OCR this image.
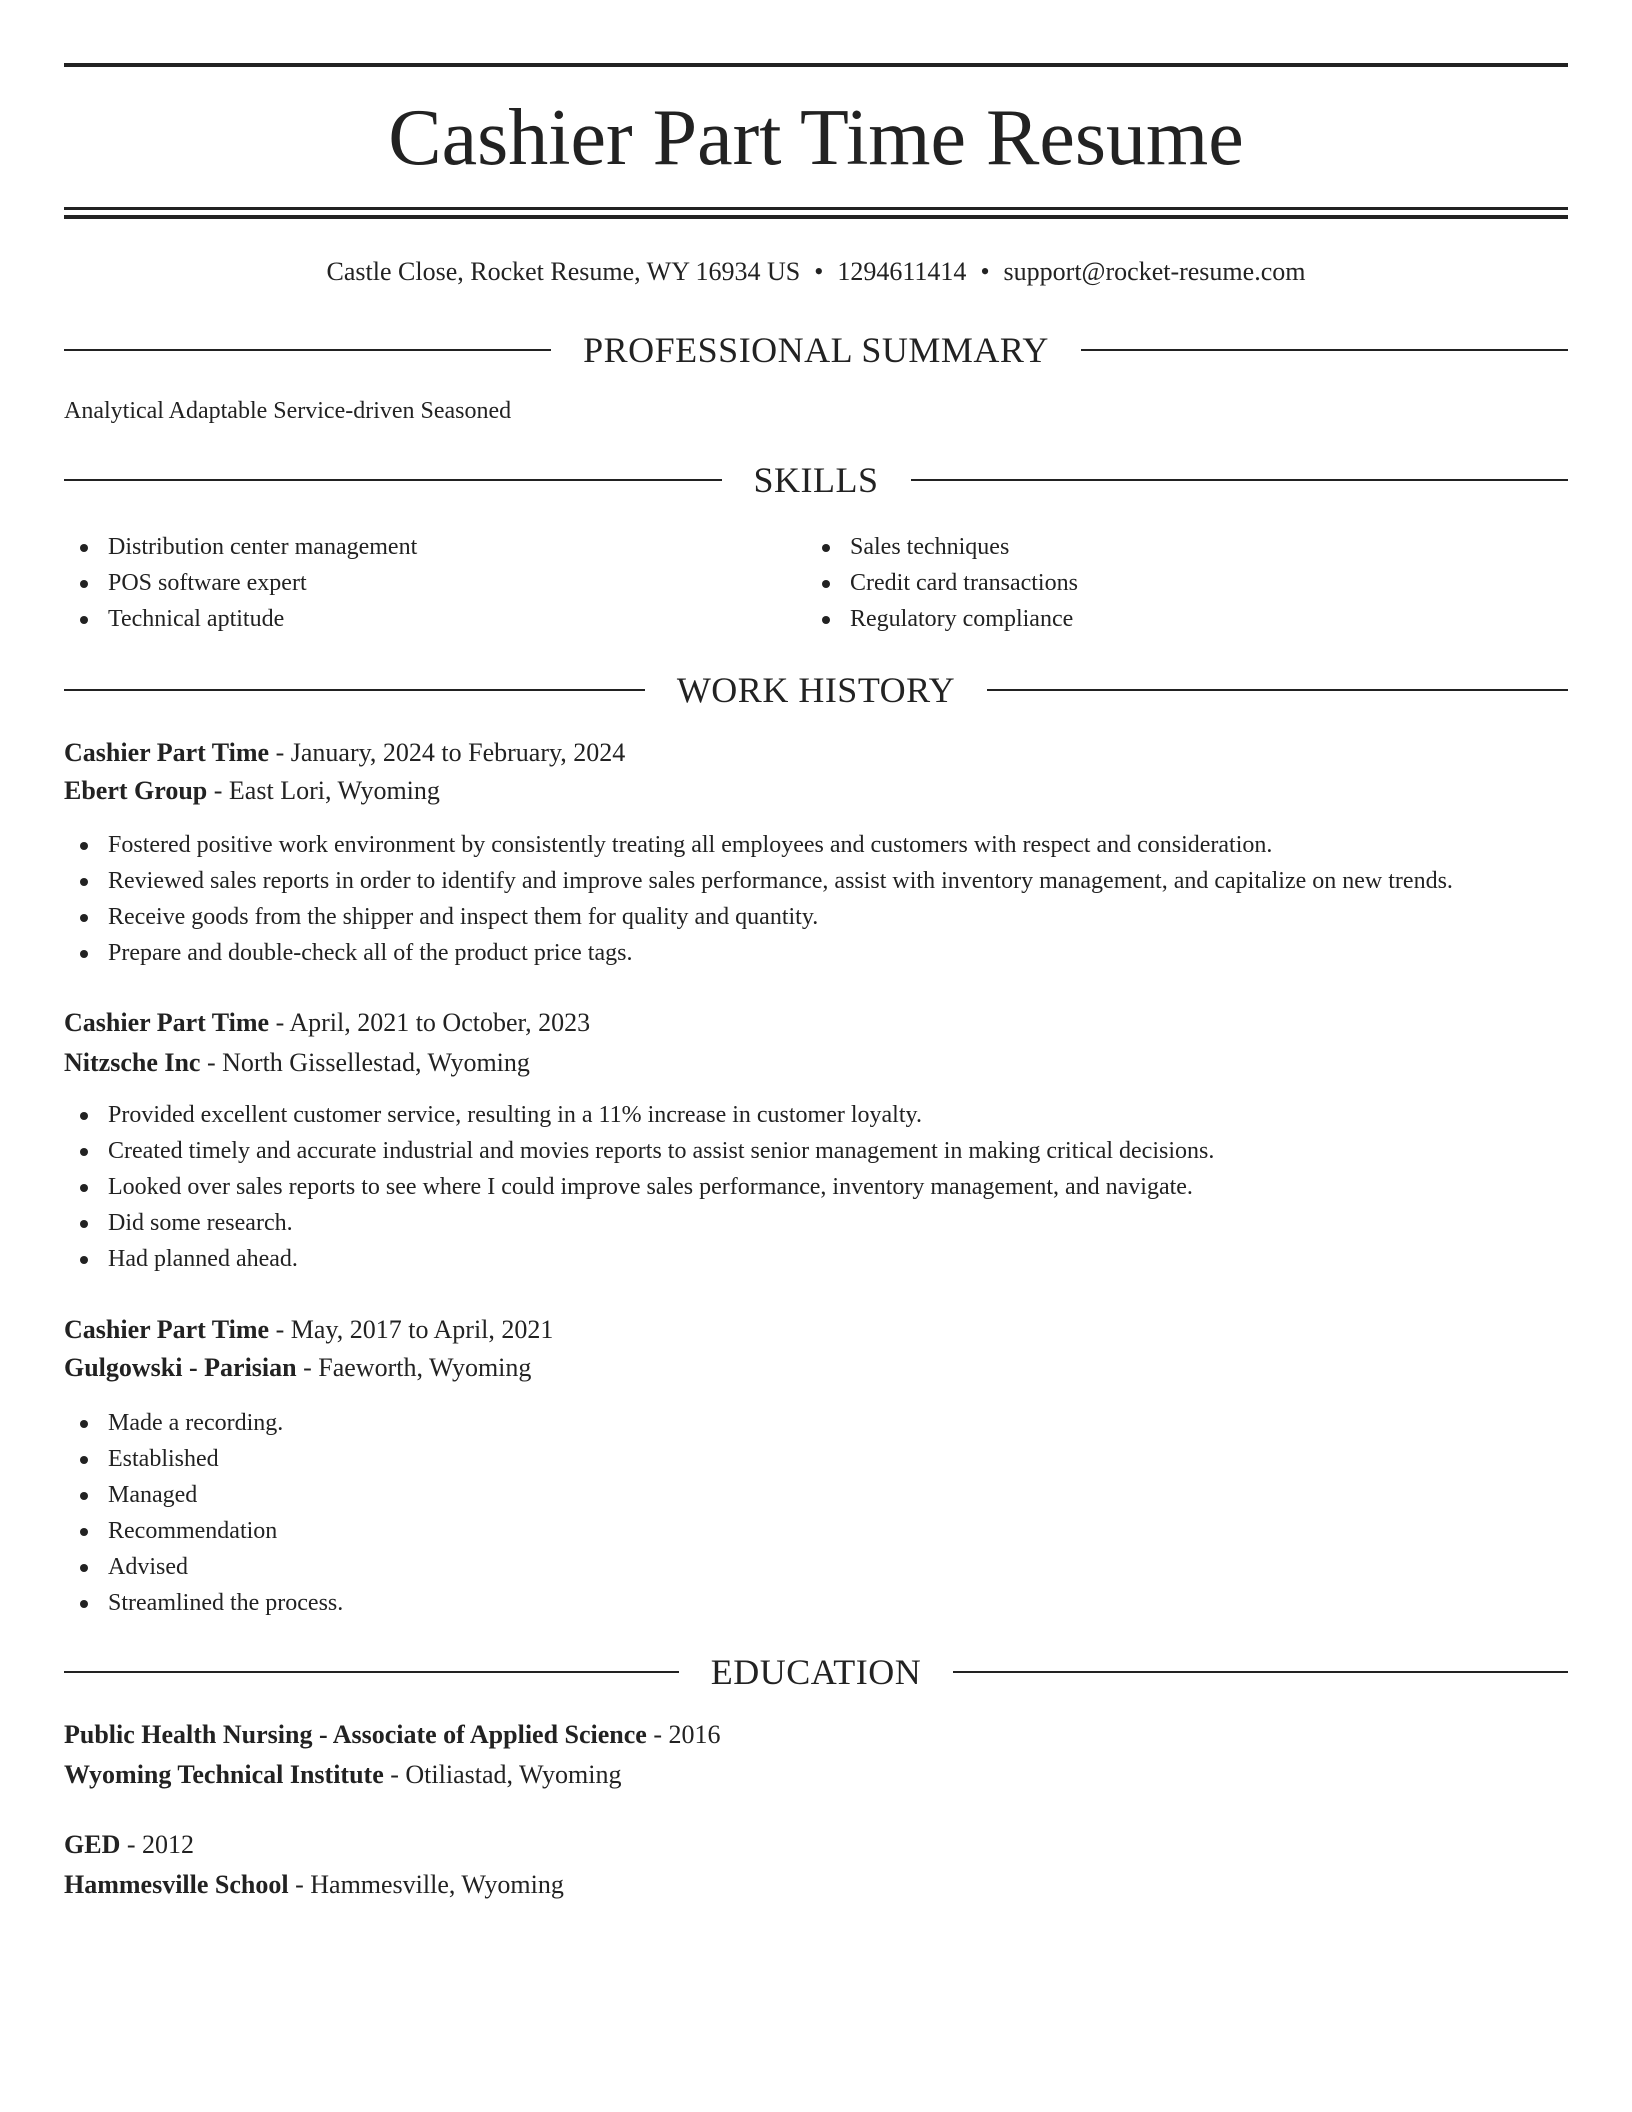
Cashier Part Time Resume
Castle Close, Rocket Resume, WY 16934 US • 1294611414 • support@rocket-resume.com
PROFESSIONAL SUMMARY
Analytical Adaptable Service-driven Seasoned
SKILLS
Distribution center management
POS software expert
Technical aptitude
Sales techniques
Credit card transactions
Regulatory compliance
WORK HISTORY
Cashier Part Time - January, 2024 to February, 2024
Ebert Group - East Lori, Wyoming
Fostered positive work environment by consistently treating all employees and customers with respect and consideration.
Reviewed sales reports in order to identify and improve sales performance, assist with inventory management, and capitalize on new trends.
Receive goods from the shipper and inspect them for quality and quantity.
Prepare and double-check all of the product price tags.
Cashier Part Time - April, 2021 to October, 2023
Nitzsche Inc - North Gissellestad, Wyoming
Provided excellent customer service, resulting in a 11% increase in customer loyalty.
Created timely and accurate industrial and movies reports to assist senior management in making critical decisions.
Looked over sales reports to see where I could improve sales performance, inventory management, and navigate.
Did some research.
Had planned ahead.
Cashier Part Time - May, 2017 to April, 2021
Gulgowski - Parisian - Faeworth, Wyoming
Made a recording.
Established
Managed
Recommendation
Advised
Streamlined the process.
EDUCATION
Public Health Nursing - Associate of Applied Science - 2016
Wyoming Technical Institute - Otiliastad, Wyoming
GED - 2012
Hammesville School - Hammesville, Wyoming
